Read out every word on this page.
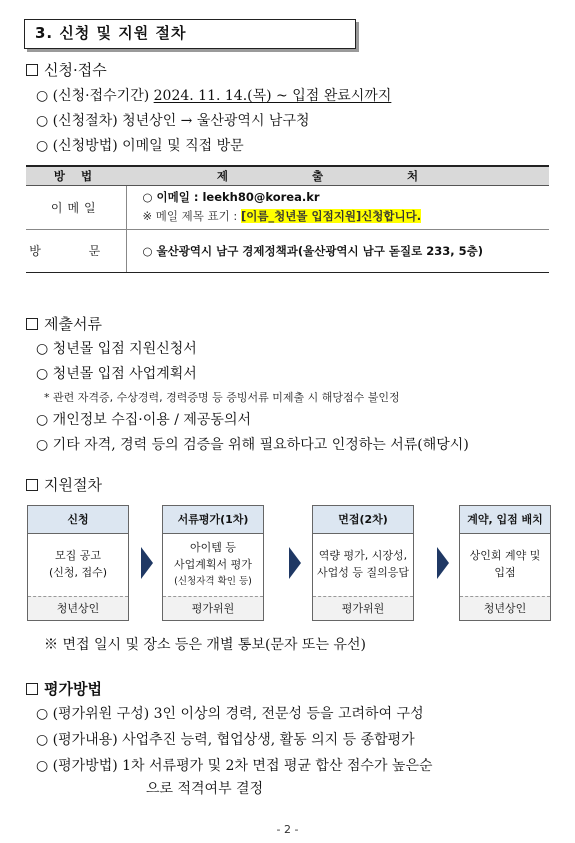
3. 신청 및 지원 절차
신청·접수
○ (신청·접수기간) 2024. 11. 14.(목) ~ 입점 완료시까지
○ (신청절차) 청년상인 → 울산광역시 남구청
○ (신청방법) 이메일 및 직접 방문
방 법	제 출 처
이메일	○ 이메일 : leekh80@korea.kr
※ 메일 제목 표기 : [이름_청년몰 입점지원]신청합니다.

방 문	○ 울산광역시 남구 경제정책과(울산광역시 남구 돋질로 233, 5층)
제출서류
○ 청년몰 입점 지원신청서
○ 청년몰 입점 사업계획서
* 관련 자격증, 수상경력, 경력증명 등 증빙서류 미제출 시 해당점수 불인정
○ 개인정보 수집·이용 / 제공동의서
○ 기타 자격, 경력 등의 검증을 위해 필요하다고 인정하는 서류(해당시)
지원절차
신청
모집 공고
(신청, 접수)
청년상인
서류평가(1차)
아이템 등
사업계획서 평가
(신청자격 확인 등)
평가위원
면접(2차)
역량 평가, 시장성,
사업성 등 질의응답
평가위원
계약, 입점 배치
상인회 계약 및
입점
청년상인
※ 면접 일시 및 장소 등은 개별 통보(문자 또는 유선)
평가방법
○ (평가위원 구성) 3인 이상의 경력, 전문성 등을 고려하여 구성
○ (평가내용) 사업추진 능력, 협업상생, 활동 의지 등 종합평가
○ (평가방법) 1차 서류평가 및 2차 면접 평균 합산 점수가 높은순
으로 적격여부 결정
- 2 -
